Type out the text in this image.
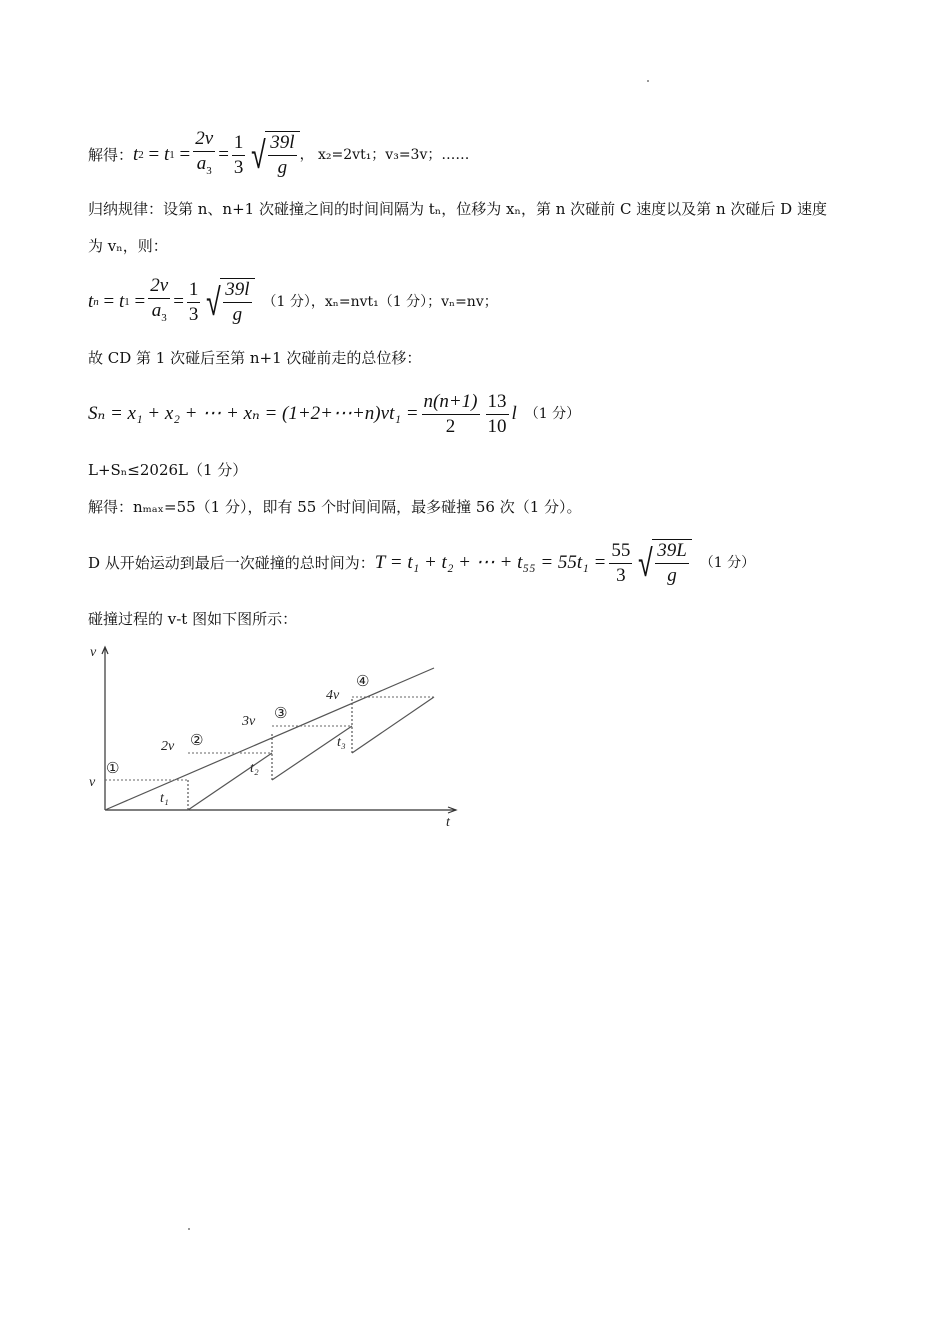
解得： t 2 = t $1 = \frac{2v}{a_3} = \frac{1}{3}$ √ $\frac{39l}{g}$ ， x₂=2vt₁；v₃=3v；……
归纳规律：设第 n、n+1 次碰撞之间的时间间隔为 tₙ，位移为 xₙ，第 n 次碰前 C 速度以及第 n 次碰后 D 速度
为 vₙ，则：
t n = t $1 = \frac{2v}{a_3} = \frac{1}{3}$ √ $\frac{39l}{g} (1$ 分），xₙ=nvt₁（1 分）；vₙ=nv；
故 CD 第 1 次碰后至第 n+1 次碰前走的总位移：
Sₙ = x₁ + x₂ + ⋯ + xₙ = (1+2+⋯+n)vt₁ = $\frac{n(n+1)}{2} \frac{13}{10}$ l （1 分）
L+Sₙ≤2026L（1 分）
解得：nₘₐₓ=55（1 分），即有 55 个时间间隔，最多碰撞 56 次（1 分）。
D 从开始运动到最后一次碰撞的总时间为： T = t₁ + t₂ + ⋯ + $t_{55} = 55t_1 = \frac{55}{3}$ √ $\frac{39L}{g} (1$ 分）
碰撞过程的 v-t 图如下图所示：
v
t
v
2v
3v
4v
t₁
t₂
t₃
①
②
③
④
